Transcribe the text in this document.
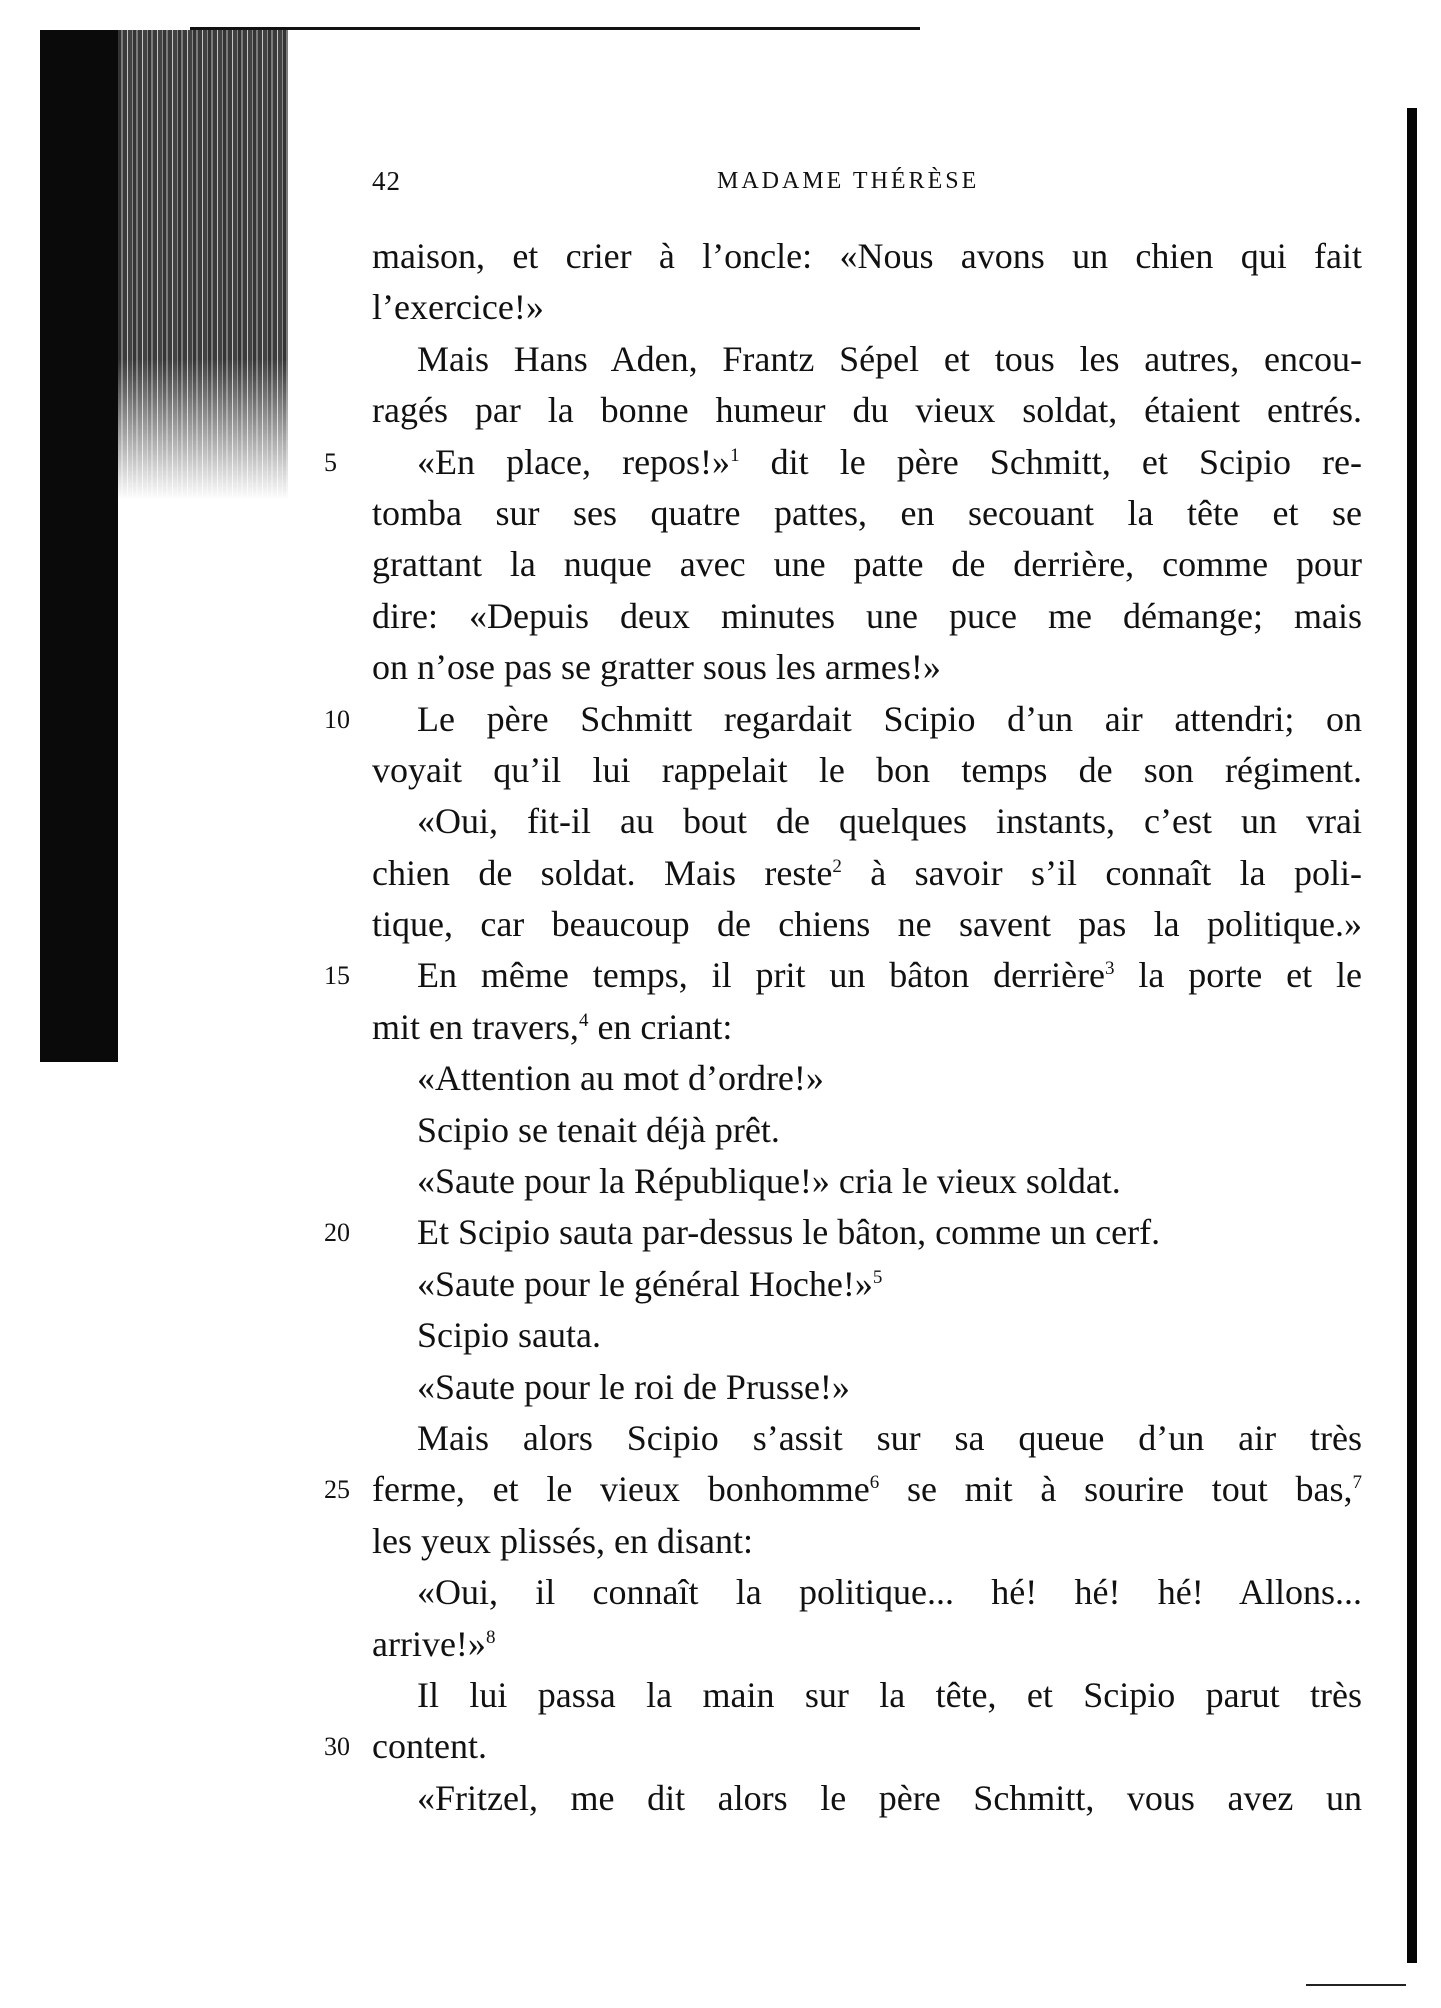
42	MADAME THÉRÈSE
maison, et crier à l’oncle: «Nous avons un chien qui fait
l’exercice!»
Mais Hans Aden, Frantz Sépel et tous les autres, encou-
ragés par la bonne humeur du vieux soldat, étaient entrés.
5	«En place, repos!»$^1$ dit le père Schmitt, et Scipio re-
tomba sur ses quatre pattes, en secouant la tête et se
grattant la nuque avec une patte de derrière, comme pour
dire: «Depuis deux minutes une puce me démange; mais
on n’ose pas se gratter sous les armes!»
10	Le père Schmitt regardait Scipio d’un air attendri; on
voyait qu’il lui rappelait le bon temps de son régiment.
«Oui, fit-il au bout de quelques instants, c’est un vrai
chien de soldat. Mais reste$^2$ à savoir s’il connaît la poli-
tique, car beaucoup de chiens ne savent pas la politique.»
15	En même temps, il prit un bâton derrière$^3$ la porte et le
mit en travers,$^4$ en criant:
«Attention au mot d’ordre!»
Scipio se tenait déjà prêt.
«Saute pour la République!» cria le vieux soldat.
20	Et Scipio sauta par-dessus le bâton, comme un cerf.
«Saute pour le général Hoche!»$^5$
Scipio sauta.
«Saute pour le roi de Prusse!»
Mais alors Scipio s’assit sur sa queue d’un air très
25 ferme, et le vieux bonhomme$^6$ se mit à sourire tout bas,$^7$
les yeux plissés, en disant:
«Oui, il connaît la politique... hé! hé! hé! Allons...
arrive!»$^8$
Il lui passa la main sur la tête, et Scipio parut très
30 content.
«Fritzel, me dit alors le père Schmitt, vous avez un
